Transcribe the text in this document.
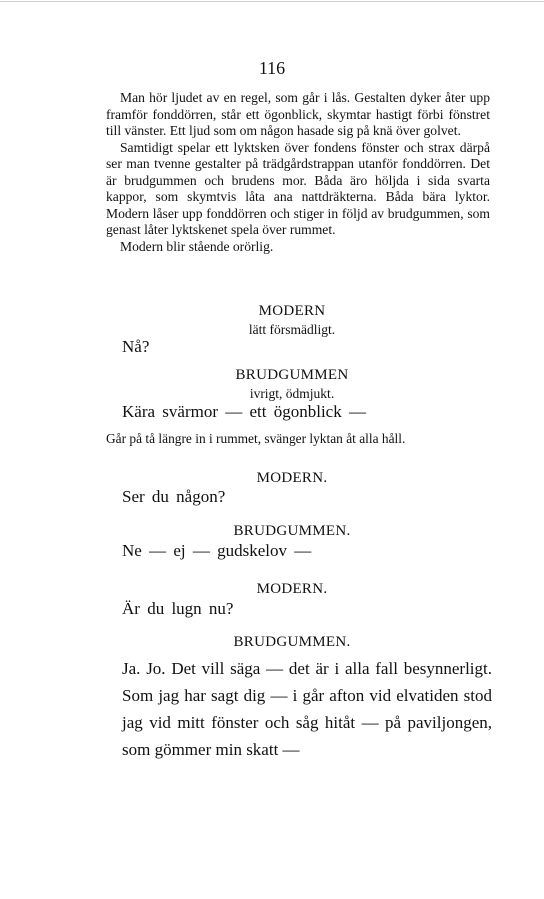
116

Man hör ljudet av en regel, som går i lås. Gestalten dyker åter upp framför fonddörren, står ett ögonblick, skymtar hastigt förbi fönstret till vänster. Ett ljud som om någon hasade sig på knä över golvet.

Samtidigt spelar ett lyktsken över fondens fönster och strax därpå ser man tvenne gestalter på trädgårdstrappan utanför fonddörren. Det är brudgummen och brudens mor. Båda äro höljda i sida svarta kappor, som skymtvis låta ana nattdräkterna. Båda bära lyktor. Modern låser upp fonddörren och stiger in följd av brudgummen, som genast låter lyktskenet spela över rummet.

Modern blir stående orörlig.

MODERN
lätt försmädligt.
Nå?
BRUDGUMMEN
ivrigt, ödmjukt.
Kära svärmor — ett ögonblick —
Går på tå längre in i rummet, svänger lyktan åt alla håll.
MODERN.
Ser du någon?
BRUDGUMMEN.
Ne — ej — gudskelov —
MODERN.
Är du lugn nu?
BRUDGUMMEN.

Ja. Jo. Det vill säga — det är i alla fall besynnerligt. Som jag har sagt dig — i går afton vid elvatiden stod jag vid mitt fönster och såg hitåt — på paviljongen, som gömmer min skatt —
